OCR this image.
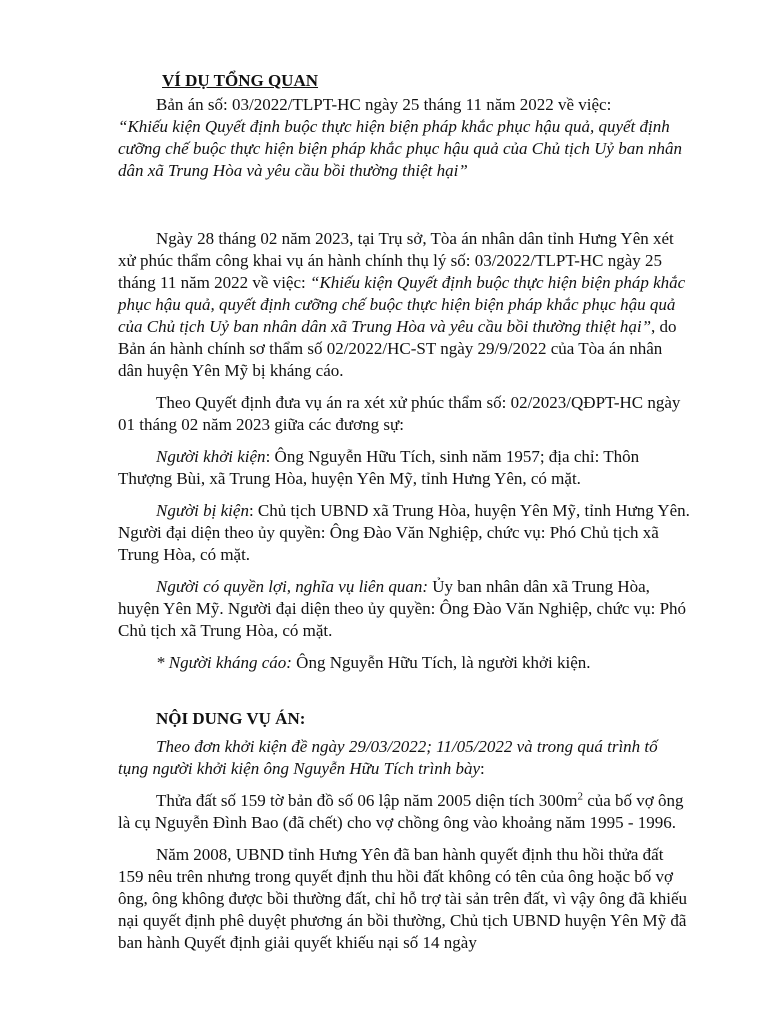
VÍ DỤ TỔNG QUAN

Bản án số: 03/2022/TLPT-HC ngày 25 tháng 11 năm 2022 về việc:
“Khiếu kiện Quyết định buộc thực hiện biện pháp khắc phục hậu quả, quyết định cưỡng chế buộc thực hiện biện pháp khắc phục hậu quả của Chủ tịch Uỷ ban nhân dân xã Trung Hòa và yêu cầu bồi thường thiệt hại”

Ngày 28 tháng 02 năm 2023, tại Trụ sở, Tòa án nhân dân tỉnh Hưng Yên xét xử phúc thẩm công khai vụ án hành chính thụ lý số: 03/2022/TLPT-HC ngày 25 tháng 11 năm 2022 về việc: “Khiếu kiện Quyết định buộc thực hiện biện pháp khắc phục hậu quả, quyết định cưỡng chế buộc thực hiện biện pháp khắc phục hậu quả của Chủ tịch Uỷ ban nhân dân xã Trung Hòa và yêu cầu bồi thường thiệt hại”, do Bản án hành chính sơ thẩm số 02/2022/HC-ST ngày 29/9/2022 của Tòa án nhân dân huyện Yên Mỹ bị kháng cáo.

Theo Quyết định đưa vụ án ra xét xử phúc thẩm số: 02/2023/QĐPT-HC ngày 01 tháng 02 năm 2023 giữa các đương sự:

Người khởi kiện: Ông Nguyễn Hữu Tích, sinh năm 1957; địa chỉ: Thôn Thượng Bùi, xã Trung Hòa, huyện Yên Mỹ, tỉnh Hưng Yên, có mặt.

Người bị kiện: Chủ tịch UBND xã Trung Hòa, huyện Yên Mỹ, tỉnh Hưng Yên. Người đại diện theo ủy quyền: Ông Đào Văn Nghiệp, chức vụ: Phó Chủ tịch xã Trung Hòa, có mặt.

Người có quyền lợi, nghĩa vụ liên quan: Ủy ban nhân dân xã Trung Hòa, huyện Yên Mỹ. Người đại diện theo ủy quyền: Ông Đào Văn Nghiệp, chức vụ: Phó Chủ tịch xã Trung Hòa, có mặt.

* Người kháng cáo: Ông Nguyễn Hữu Tích, là người khởi kiện.

NỘI DUNG VỤ ÁN:

Theo đơn khởi kiện đề ngày 29/03/2022; 11/05/2022 và trong quá trình tố tụng người khởi kiện ông Nguyễn Hữu Tích trình bày:

Thửa đất số 159 tờ bản đồ số 06 lập năm 2005 diện tích $300m^2$ của bố vợ ông là cụ Nguyễn Đình Bao (đã chết) cho vợ chồng ông vào khoảng năm 1995 - 1996.

Năm 2008, UBND tỉnh Hưng Yên đã ban hành quyết định thu hồi thửa đất 159 nêu trên nhưng trong quyết định thu hồi đất không có tên của ông hoặc bố vợ ông, ông không được bồi thường đất, chỉ hỗ trợ tài sản trên đất, vì vậy ông đã khiếu nại quyết định phê duyệt phương án bồi thường, Chủ tịch UBND huyện Yên Mỹ đã ban hành Quyết định giải quyết khiếu nại số 14 ngày
